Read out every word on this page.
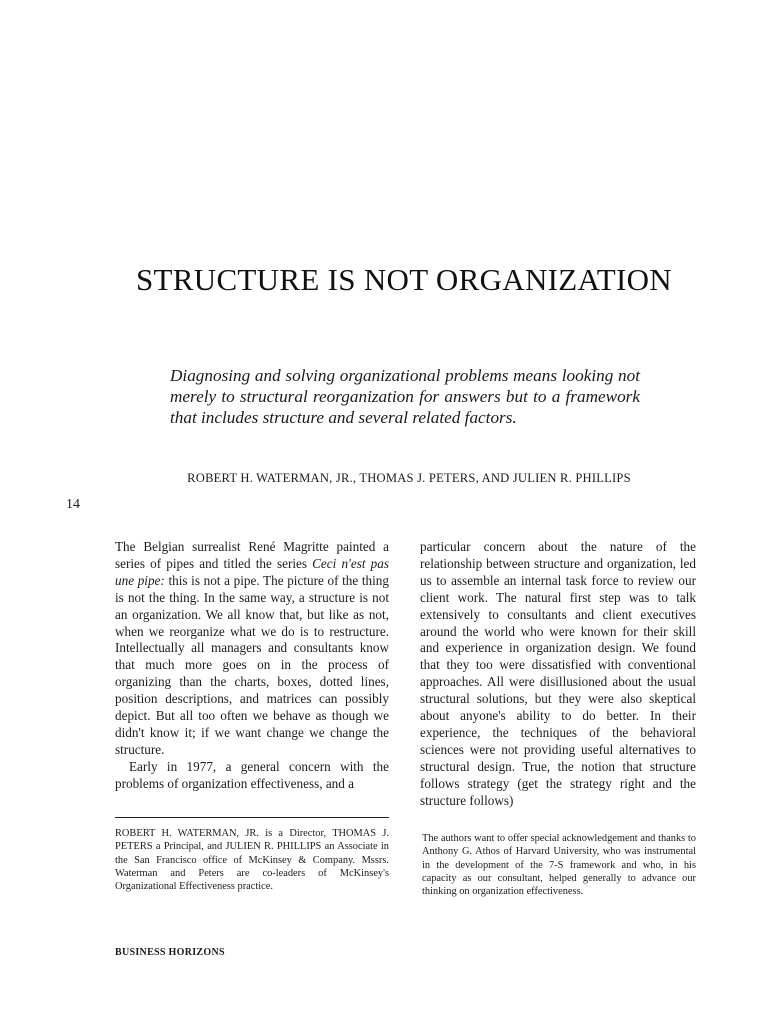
STRUCTURE IS NOT ORGANIZATION
Diagnosing and solving organizational problems means looking not merely to structural reorganization for answers but to a framework that includes structure and several related factors.
ROBERT H. WATERMAN, JR., THOMAS J. PETERS, AND JULIEN R. PHILLIPS
14

The Belgian surrealist René Magritte painted a series of pipes and titled the series Ceci n'est pas une pipe: this is not a pipe. The picture of the thing is not the thing. In the same way, a structure is not an organization. We all know that, but like as not, when we reorganize what we do is to restructure. Intellectually all managers and consultants know that much more goes on in the process of organizing than the charts, boxes, dotted lines, position descriptions, and matrices can possibly depict. But all too often we behave as though we didn't know it; if we want change we change the structure.

Early in 1977, a general concern with the problems of organization effectiveness, and a

particular concern about the nature of the relationship between structure and organization, led us to assemble an internal task force to review our client work. The natural first step was to talk extensively to consultants and client executives around the world who were known for their skill and experience in organization design. We found that they too were dissatisfied with conventional approaches. All were disillusioned about the usual structural solutions, but they were also skeptical about anyone's ability to do better. In their experience, the techniques of the behavioral sciences were not providing useful alternatives to structural design. True, the notion that structure follows strategy (get the strategy right and the structure follows)

ROBERT H. WATERMAN, JR. is a Director, THOMAS J. PETERS a Principal, and JULIEN R. PHILLIPS an Associate in the San Francisco office of McKinsey & Company. Mssrs. Waterman and Peters are co-leaders of McKinsey's Organizational Effectiveness practice.
The authors want to offer special acknowledgement and thanks to Anthony G. Athos of Harvard University, who was instrumental in the development of the 7-S framework and who, in his capacity as our consultant, helped generally to advance our thinking on organization effectiveness.
BUSINESS HORIZONS
